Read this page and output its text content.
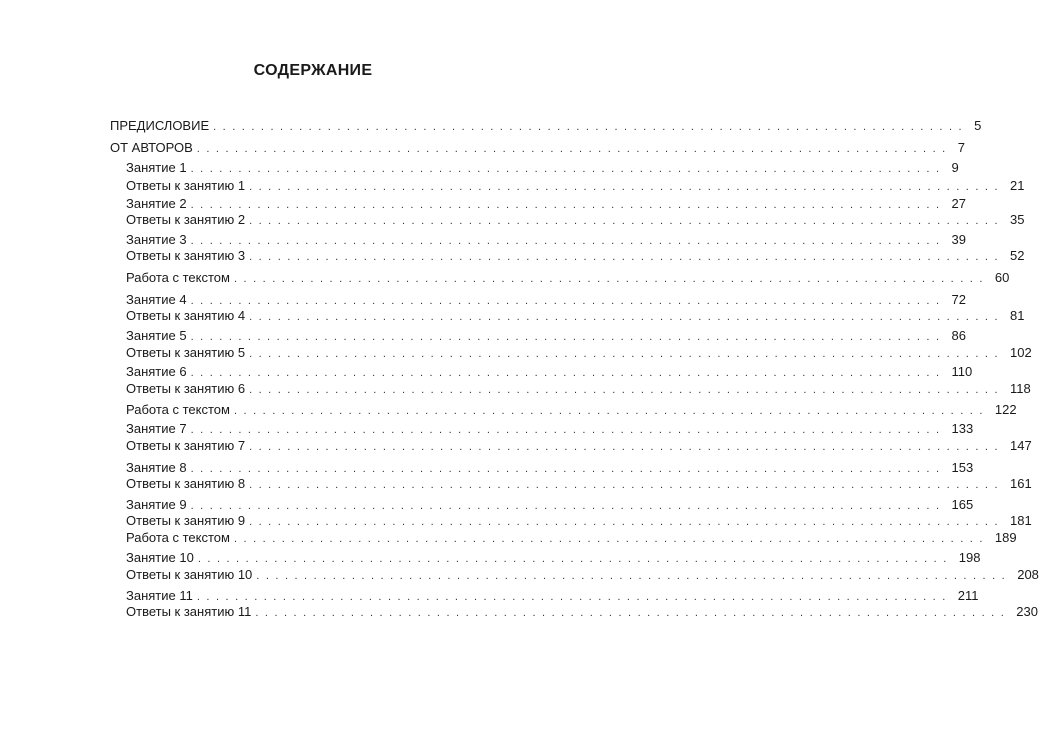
СОДЕРЖАНИЕ
ПРЕДИСЛОВИЕ ............................................................................... 5
ОТ АВТОРОВ ............................................................................... 7
Занятие 1 ............................................................................... 9
Ответы к занятию 1 ............................................................................... 21
Занятие 2 ............................................................................... 27
Ответы к занятию 2 ............................................................................... 35
Занятие 3 ............................................................................... 39
Ответы к занятию 3 ............................................................................... 52
Работа с текстом ............................................................................... 60
Занятие 4 ............................................................................... 72
Ответы к занятию 4 ............................................................................... 81
Занятие 5 ............................................................................... 86
Ответы к занятию 5 ............................................................................... 102
Занятие 6 ............................................................................... 110
Ответы к занятию 6 ............................................................................... 118
Работа с текстом ............................................................................... 122
Занятие 7 ............................................................................... 133
Ответы к занятию 7 ............................................................................... 147
Занятие 8 ............................................................................... 153
Ответы к занятию 8 ............................................................................... 161
Занятие 9 ............................................................................... 165
Ответы к занятию 9 ............................................................................... 181
Работа с текстом ............................................................................... 189
Занятие 10 ............................................................................... 198
Ответы к занятию 10 ............................................................................... 208
Занятие 11 ............................................................................... 211
Ответы к занятию 11 ............................................................................... 230
